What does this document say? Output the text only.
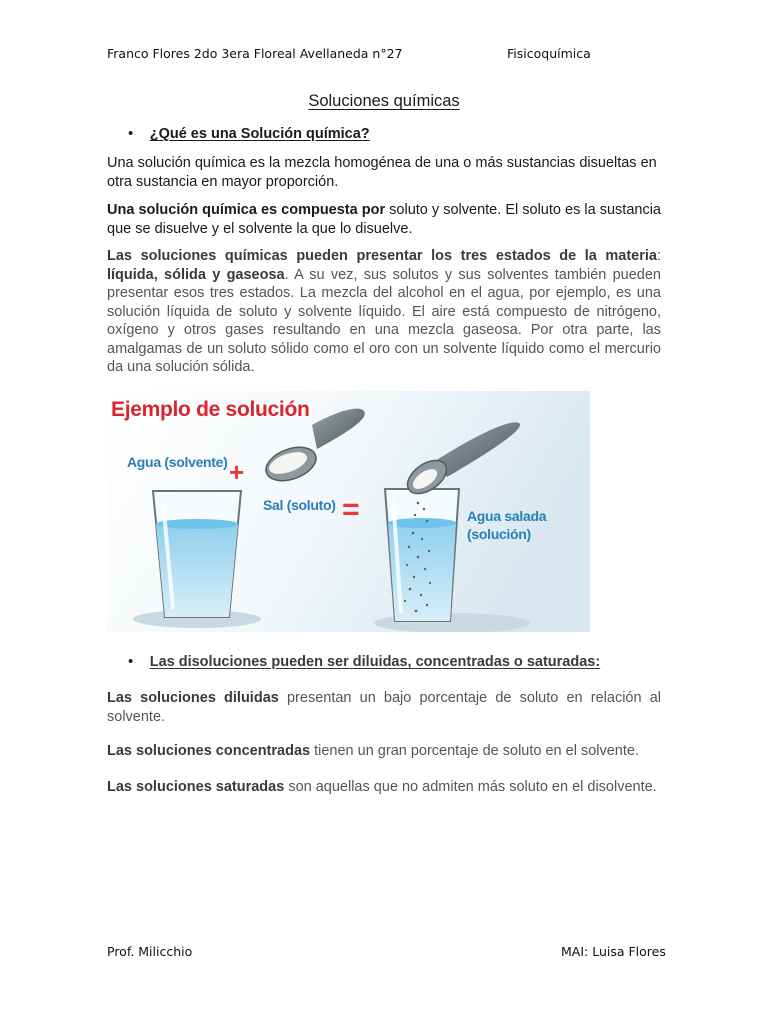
Franco Flores 2do 3era Floreal Avellaneda n°27	Fisicoquímica
Soluciones químicas
• ¿Qué es una Solución química?
Una solución química es la mezcla homogénea de una o más sustancias disueltas en otra sustancia en mayor proporción.
Una solución química es compuesta por soluto y solvente. El soluto es la sustancia que se disuelve y el solvente la que lo disuelve.
Las soluciones químicas pueden presentar los tres estados de la materia: líquida, sólida y gaseosa. A su vez, sus solutos y sus solventes también pueden presentar esos tres estados. La mezcla del alcohol en el agua, por ejemplo, es una solución líquida de soluto y solvente líquido. El aire está compuesto de nitrógeno, oxígeno y otros gases resultando en una mezcla gaseosa. Por otra parte, las amalgamas de un soluto sólido como el oro con un solvente líquido como el mercurio da una solución sólida.
Ejemplo de solución
Agua (solvente) +
Sal (soluto) =	Agua salada
(solución)
• Las disoluciones pueden ser diluidas, concentradas o saturadas:
Las soluciones diluidas presentan un bajo porcentaje de soluto en relación al solvente.
Las soluciones concentradas tienen un gran porcentaje de soluto en el solvente.
Las soluciones saturadas son aquellas que no admiten más soluto en el disolvente.
Prof. Milicchio	MAI: Luisa Flores
